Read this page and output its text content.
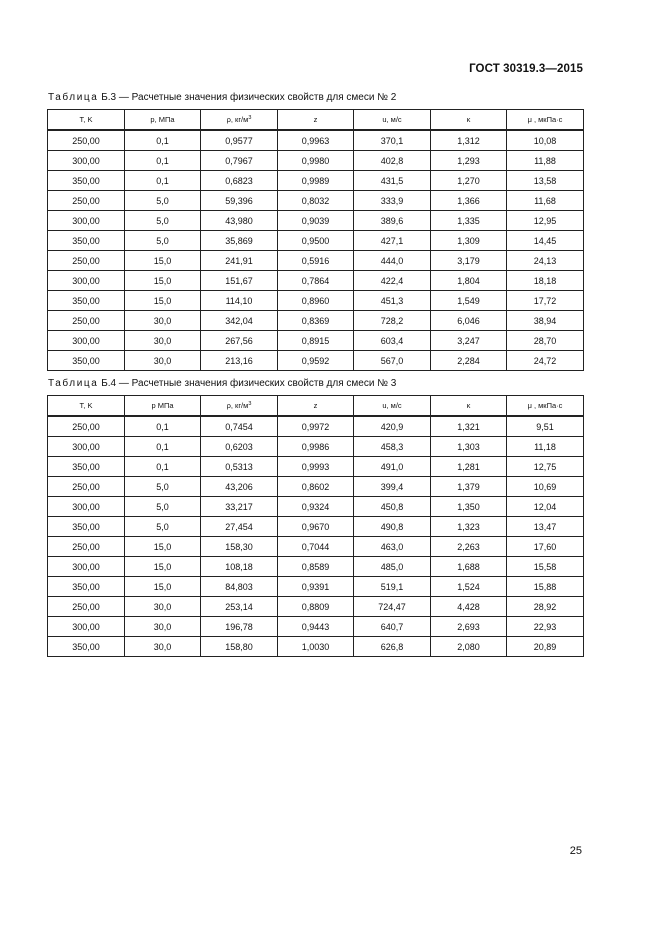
ГОСТ 30319.3—2015
Таблица Б.3 — Расчетные значения физических свойств для смеси № 2
T, K	p, МПа	ρ, $кг/м^3$	z	u, м/с	κ	μ , мкПа·с
250,00	0,1	0,9577	0,9963	370,1	1,312	10,08
300,00	0,1	0,7967	0,9980	402,8	1,293	11,88
350,00	0,1	0,6823	0,9989	431,5	1,270	13,58
250,00	5,0	59,396	0,8032	333,9	1,366	11,68
300,00	5,0	43,980	0,9039	389,6	1,335	12,95
350,00	5,0	35,869	0,9500	427,1	1,309	14,45
250,00	15,0	241,91	0,5916	444,0	3,179	24,13
300,00	15,0	151,67	0,7864	422,4	1,804	18,18
350,00	15,0	114,10	0,8960	451,3	1,549	17,72
250,00	30,0	342,04	0,8369	728,2	6,046	38,94
300,00	30,0	267,56	0,8915	603,4	3,247	28,70
350,00	30,0	213,16	0,9592	567,0	2,284	24,72
Таблица Б.4 — Расчетные значения физических свойств для смеси № 3
T, K	p МПа	ρ, $кг/м^3$	z	u, м/с	κ	μ , мкПа·с
250,00	0,1	0,7454	0,9972	420,9	1,321	9,51
300,00	0,1	0,6203	0,9986	458,3	1,303	11,18
350,00	0,1	0,5313	0,9993	491,0	1,281	12,75
250,00	5,0	43,206	0,8602	399,4	1,379	10,69
300,00	5,0	33,217	0,9324	450,8	1,350	12,04
350,00	5,0	27,454	0,9670	490,8	1,323	13,47
250,00	15,0	158,30	0,7044	463,0	2,263	17,60
300,00	15,0	108,18	0,8589	485,0	1,688	15,58
350,00	15,0	84,803	0,9391	519,1	1,524	15,88
250,00	30,0	253,14	0,8809	724,47	4,428	28,92
300,00	30,0	196,78	0,9443	640,7	2,693	22,93
350,00	30,0	158,80	1,0030	626,8	2,080	20,89
25
